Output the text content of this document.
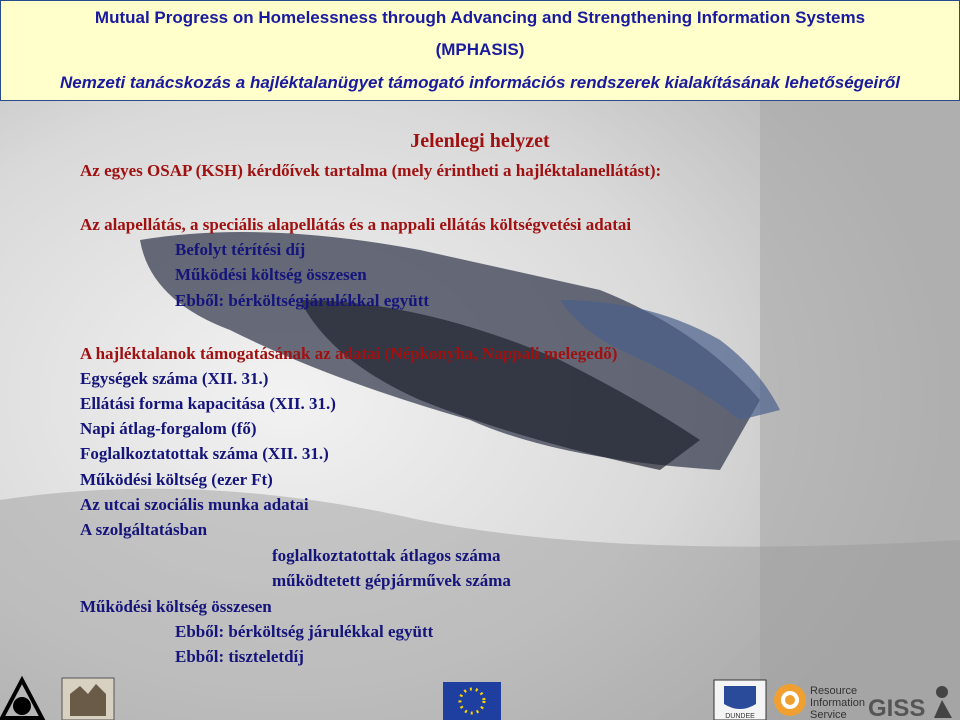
Mutual Progress on Homelessness through Advancing and Strengthening Information Systems
(MPHASIS)
Nemzeti tanácskozás a hajléktalanügyet támogató információs rendszerek kialakításának lehetőségeiről
Jelenlegi helyzet
Az egyes OSAP (KSH) kérdőívek tartalma (mely érintheti a hajléktalanellátást):
Az alapellátás, a speciális alapellátás és a nappali ellátás költségvetési adatai
Befolyt térítési díj
Működési költség összesen
Ebből: bérköltségjárulékkal együtt
A hajléktalanok támogatásának az adatai (Népkonyha, Nappali melegedő)
Egységek száma (XII. 31.)
Ellátási forma kapacitása (XII. 31.)
Napi átlag-forgalom (fő)
Foglalkoztatottak száma (XII. 31.)
Működési költség (ezer Ft)
Az utcai szociális munka adatai
A szolgáltatásban
foglalkoztatottak átlagos száma
működtetett gépjárművek száma
Működési költség összesen
Ebből: bérköltség járulékkal együtt
Ebből: tiszteletdíj
DUNDEE
Resource
Information
Service GISS
